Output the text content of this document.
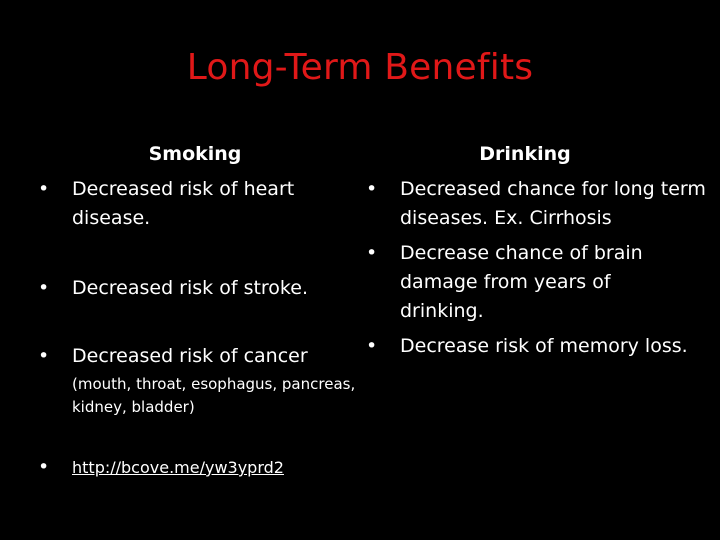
Long-Term Benefits
Smoking
•	Decreased risk of heart disease.
•	Decreased risk of stroke.
•	Decreased risk of cancer
(mouth, throat, esophagus, pancreas, kidney, bladder)
•	http://bcove.me/yw3yprd2
Drinking
•	Decreased chance for long term diseases. Ex. Cirrhosis
•	Decrease chance of brain damage from years of drinking.
•	Decrease risk of memory loss.
